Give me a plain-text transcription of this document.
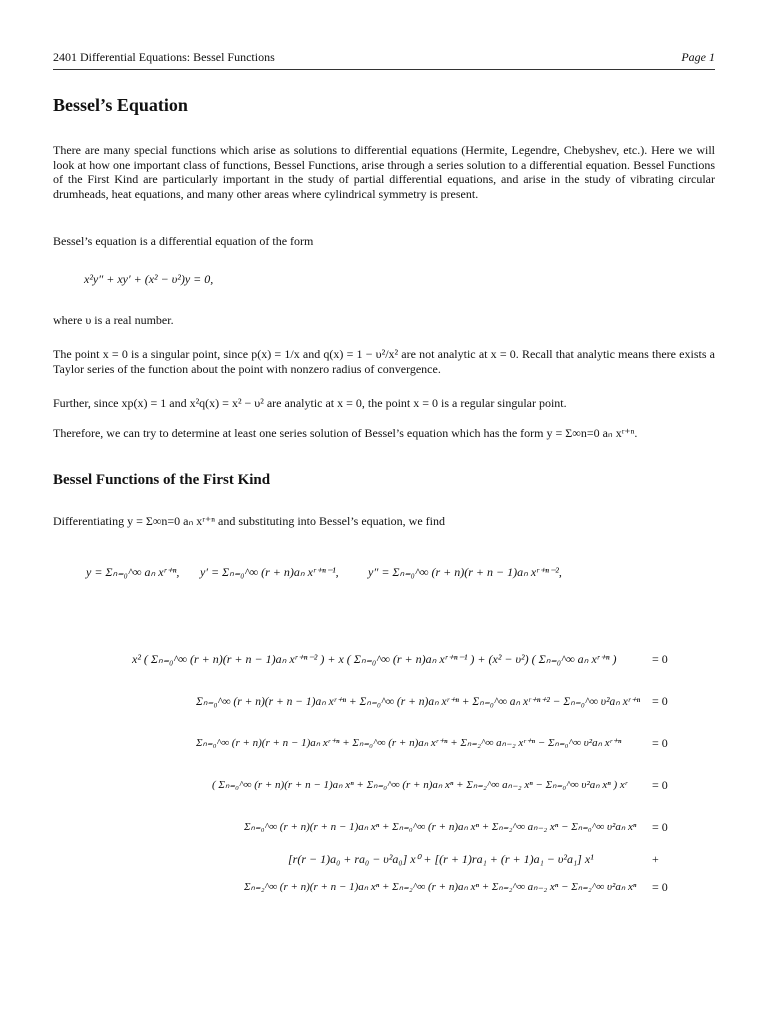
2401 Differential Equations: Bessel Functions	Page 1
Bessel’s Equation
There are many special functions which arise as solutions to differential equations (Hermite, Legendre, Chebyshev, etc.). Here we will look at how one important class of functions, Bessel Functions, arise through a series solution to a differential equation. Bessel Functions of the First Kind are particularly important in the study of partial differential equations, and arise in the study of vibrating circular drumheads, heat equations, and many other areas where cylindrical symmetry is present.
Bessel’s equation is a differential equation of the form
x²y″ + xy′ + (x² − υ²)y = 0,
where υ is a real number.
The point x = 0 is a singular point, since p(x) = 1/x and q(x) = 1 − υ²/x² are not analytic at x = 0. Recall that analytic means there exists a Taylor series of the function about the point with nonzero radius of convergence.
Further, since xp(x) = 1 and x²q(x) = x² − υ² are analytic at x = 0, the point x = 0 is a regular singular point.
Therefore, we can try to determine at least one series solution of Bessel’s equation which has the form y = Σ∞n=0 aₙ xʳ⁺ⁿ.
Bessel Functions of the First Kind
Differentiating y = Σ∞n=0 aₙ xʳ⁺ⁿ and substituting into Bessel’s equation, we find
y = Σₙ₌₀^∞ aₙ xʳ⁺ⁿ, y′ = Σₙ₌₀^∞ (r + n)aₙ xʳ⁺ⁿ⁻¹, y″ = Σₙ₌₀^∞ (r + n)(r + n − 1)aₙ xʳ⁺ⁿ⁻²,
x² ( Σₙ₌₀^∞ (r + n)(r + n − 1)aₙ xʳ⁺ⁿ⁻² ) + x ( Σₙ₌₀^∞ (r + n)aₙ xʳ⁺ⁿ⁻¹ ) + (x² − υ²) ( Σₙ₌₀^∞ aₙ xʳ⁺ⁿ )	= 0
Σₙ₌₀^∞ (r + n)(r + n − 1)aₙ xʳ⁺ⁿ + Σₙ₌₀^∞ (r + n)aₙ xʳ⁺ⁿ + Σₙ₌₀^∞ aₙ xʳ⁺ⁿ⁺² − Σₙ₌₀^∞ υ²aₙ xʳ⁺ⁿ = 0
Σₙ₌₀^∞ (r + n)(r + n − 1)aₙ xʳ⁺ⁿ + Σₙ₌₀^∞ (r + n)aₙ xʳ⁺ⁿ + Σₙ₌₂^∞ aₙ₋₂ xʳ⁺ⁿ − Σₙ₌₀^∞ υ²aₙ xʳ⁺ⁿ	= 0
( Σₙ₌₀^∞ (r + n)(r + n − 1)aₙ xⁿ + Σₙ₌₀^∞ (r + n)aₙ xⁿ + Σₙ₌₂^∞ aₙ₋₂ xⁿ − Σₙ₌₀^∞ υ²aₙ xⁿ ) xʳ = 0
Σₙ₌₀^∞ (r + n)(r + n − 1)aₙ xⁿ + Σₙ₌₀^∞ (r + n)aₙ xⁿ + Σₙ₌₂^∞ aₙ₋₂ xⁿ − Σₙ₌₀^∞ υ²aₙ xⁿ = 0
[r(r − 1)a₀ + ra₀ − υ²a₀] x⁰ + [(r + 1)ra₁ + (r + 1)a₁ − υ²a₁] x¹	+
Σₙ₌₂^∞ (r + n)(r + n − 1)aₙ xⁿ + Σₙ₌₂^∞ (r + n)aₙ xⁿ + Σₙ₌₂^∞ aₙ₋₂ xⁿ − Σₙ₌₂^∞ υ²aₙ xⁿ = 0
